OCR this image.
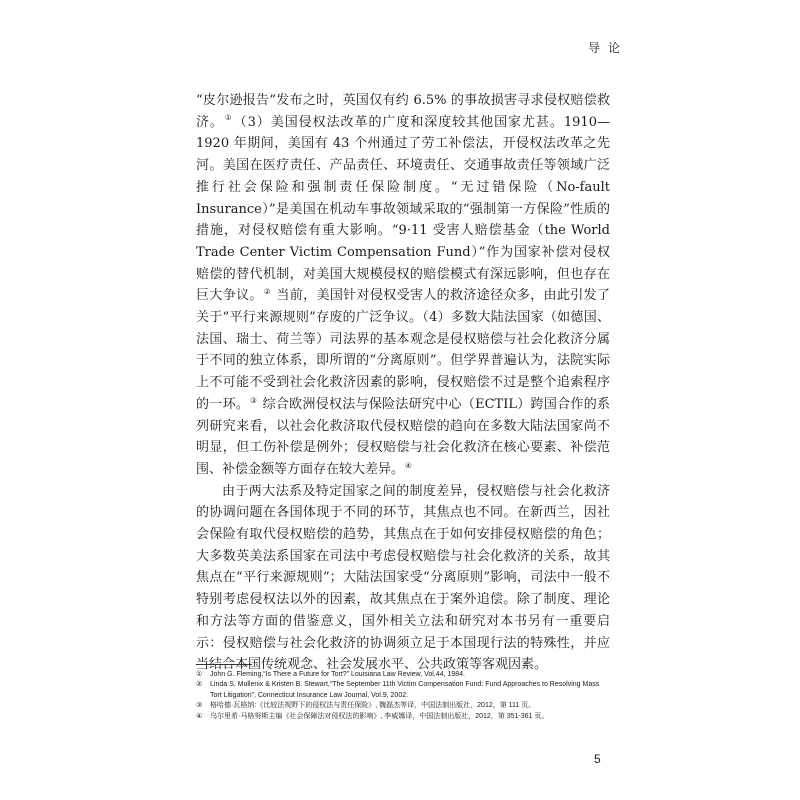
导论

“皮尔逊报告”发布之时，英国仅有约 6.5% 的事故损害寻求侵权赔偿救济。①（3）美国侵权法改革的广度和深度较其他国家尤甚。1910—1920 年期间，美国有 43 个州通过了劳工补偿法，开侵权法改革之先河。美国在医疗责任、产品责任、环境责任、交通事故责任等领域广泛推行社会保险和强制责任保险制度。“无过错保险（No-fault Insurance）”是美国在机动车事故领域采取的“强制第一方保险”性质的措施，对侵权赔偿有重大影响。“9·11 受害人赔偿基金（the World Trade Center Victim Compensation Fund）”作为国家补偿对侵权赔偿的替代机制，对美国大规模侵权的赔偿模式有深远影响，但也存在巨大争议。② 当前，美国针对侵权受害人的救济途径众多，由此引发了关于“平行来源规则”存废的广泛争议。（4）多数大陆法国家（如德国、法国、瑞士、荷兰等）司法界的基本观念是侵权赔偿与社会化救济分属于不同的独立体系，即所谓的“分离原则”。但学界普遍认为，法院实际上不可能不受到社会化救济因素的影响，侵权赔偿不过是整个追索程序的一环。③ 综合欧洲侵权法与保险法研究中心（ECTIL）跨国合作的系列研究来看，以社会化救济取代侵权赔偿的趋向在多数大陆法国家尚不明显，但工伤补偿是例外；侵权赔偿与社会化救济在核心要素、补偿范围、补偿金额等方面存在较大差异。④

由于两大法系及特定国家之间的制度差异，侵权赔偿与社会化救济的协调问题在各国体现于不同的环节，其焦点也不同。在新西兰，因社会保险有取代侵权赔偿的趋势，其焦点在于如何安排侵权赔偿的角色；大多数英美法系国家在司法中考虑侵权赔偿与社会化救济的关系，故其焦点在“平行来源规则”；大陆法国家受“分离原则”影响，司法中一般不特别考虑侵权法以外的因素，故其焦点在于案外追偿。除了制度、理论和方法等方面的借鉴意义，国外相关立法和研究对本书另有一重要启示：侵权赔偿与社会化救济的协调须立足于本国现行法的特殊性，并应当结合本国传统观念、社会发展水平、公共政策等客观因素。

①	John G. Fleming,“Is There a Future for Tort?” Louisiana Law Review, Vol.44, 1984.
②	Linda S. Mullenix & Kristen B. Stewart,“The September 11th Victim Compensation Fund: Fund Approaches to Resolving Mass Tort Litigation”, Connecticut Insurance Law Journal, Vol.9, 2002.
③	格哈德·瓦格纳:《比较法视野下的侵权法与责任保险》, 魏磊杰等译，中国法制出版社，2012，第 111 页。
④	乌尔里希·马格努斯主编《社会保障法对侵权法的影响》, 李威娜译，中国法制出版社，2012，第 351-361 页。
5
